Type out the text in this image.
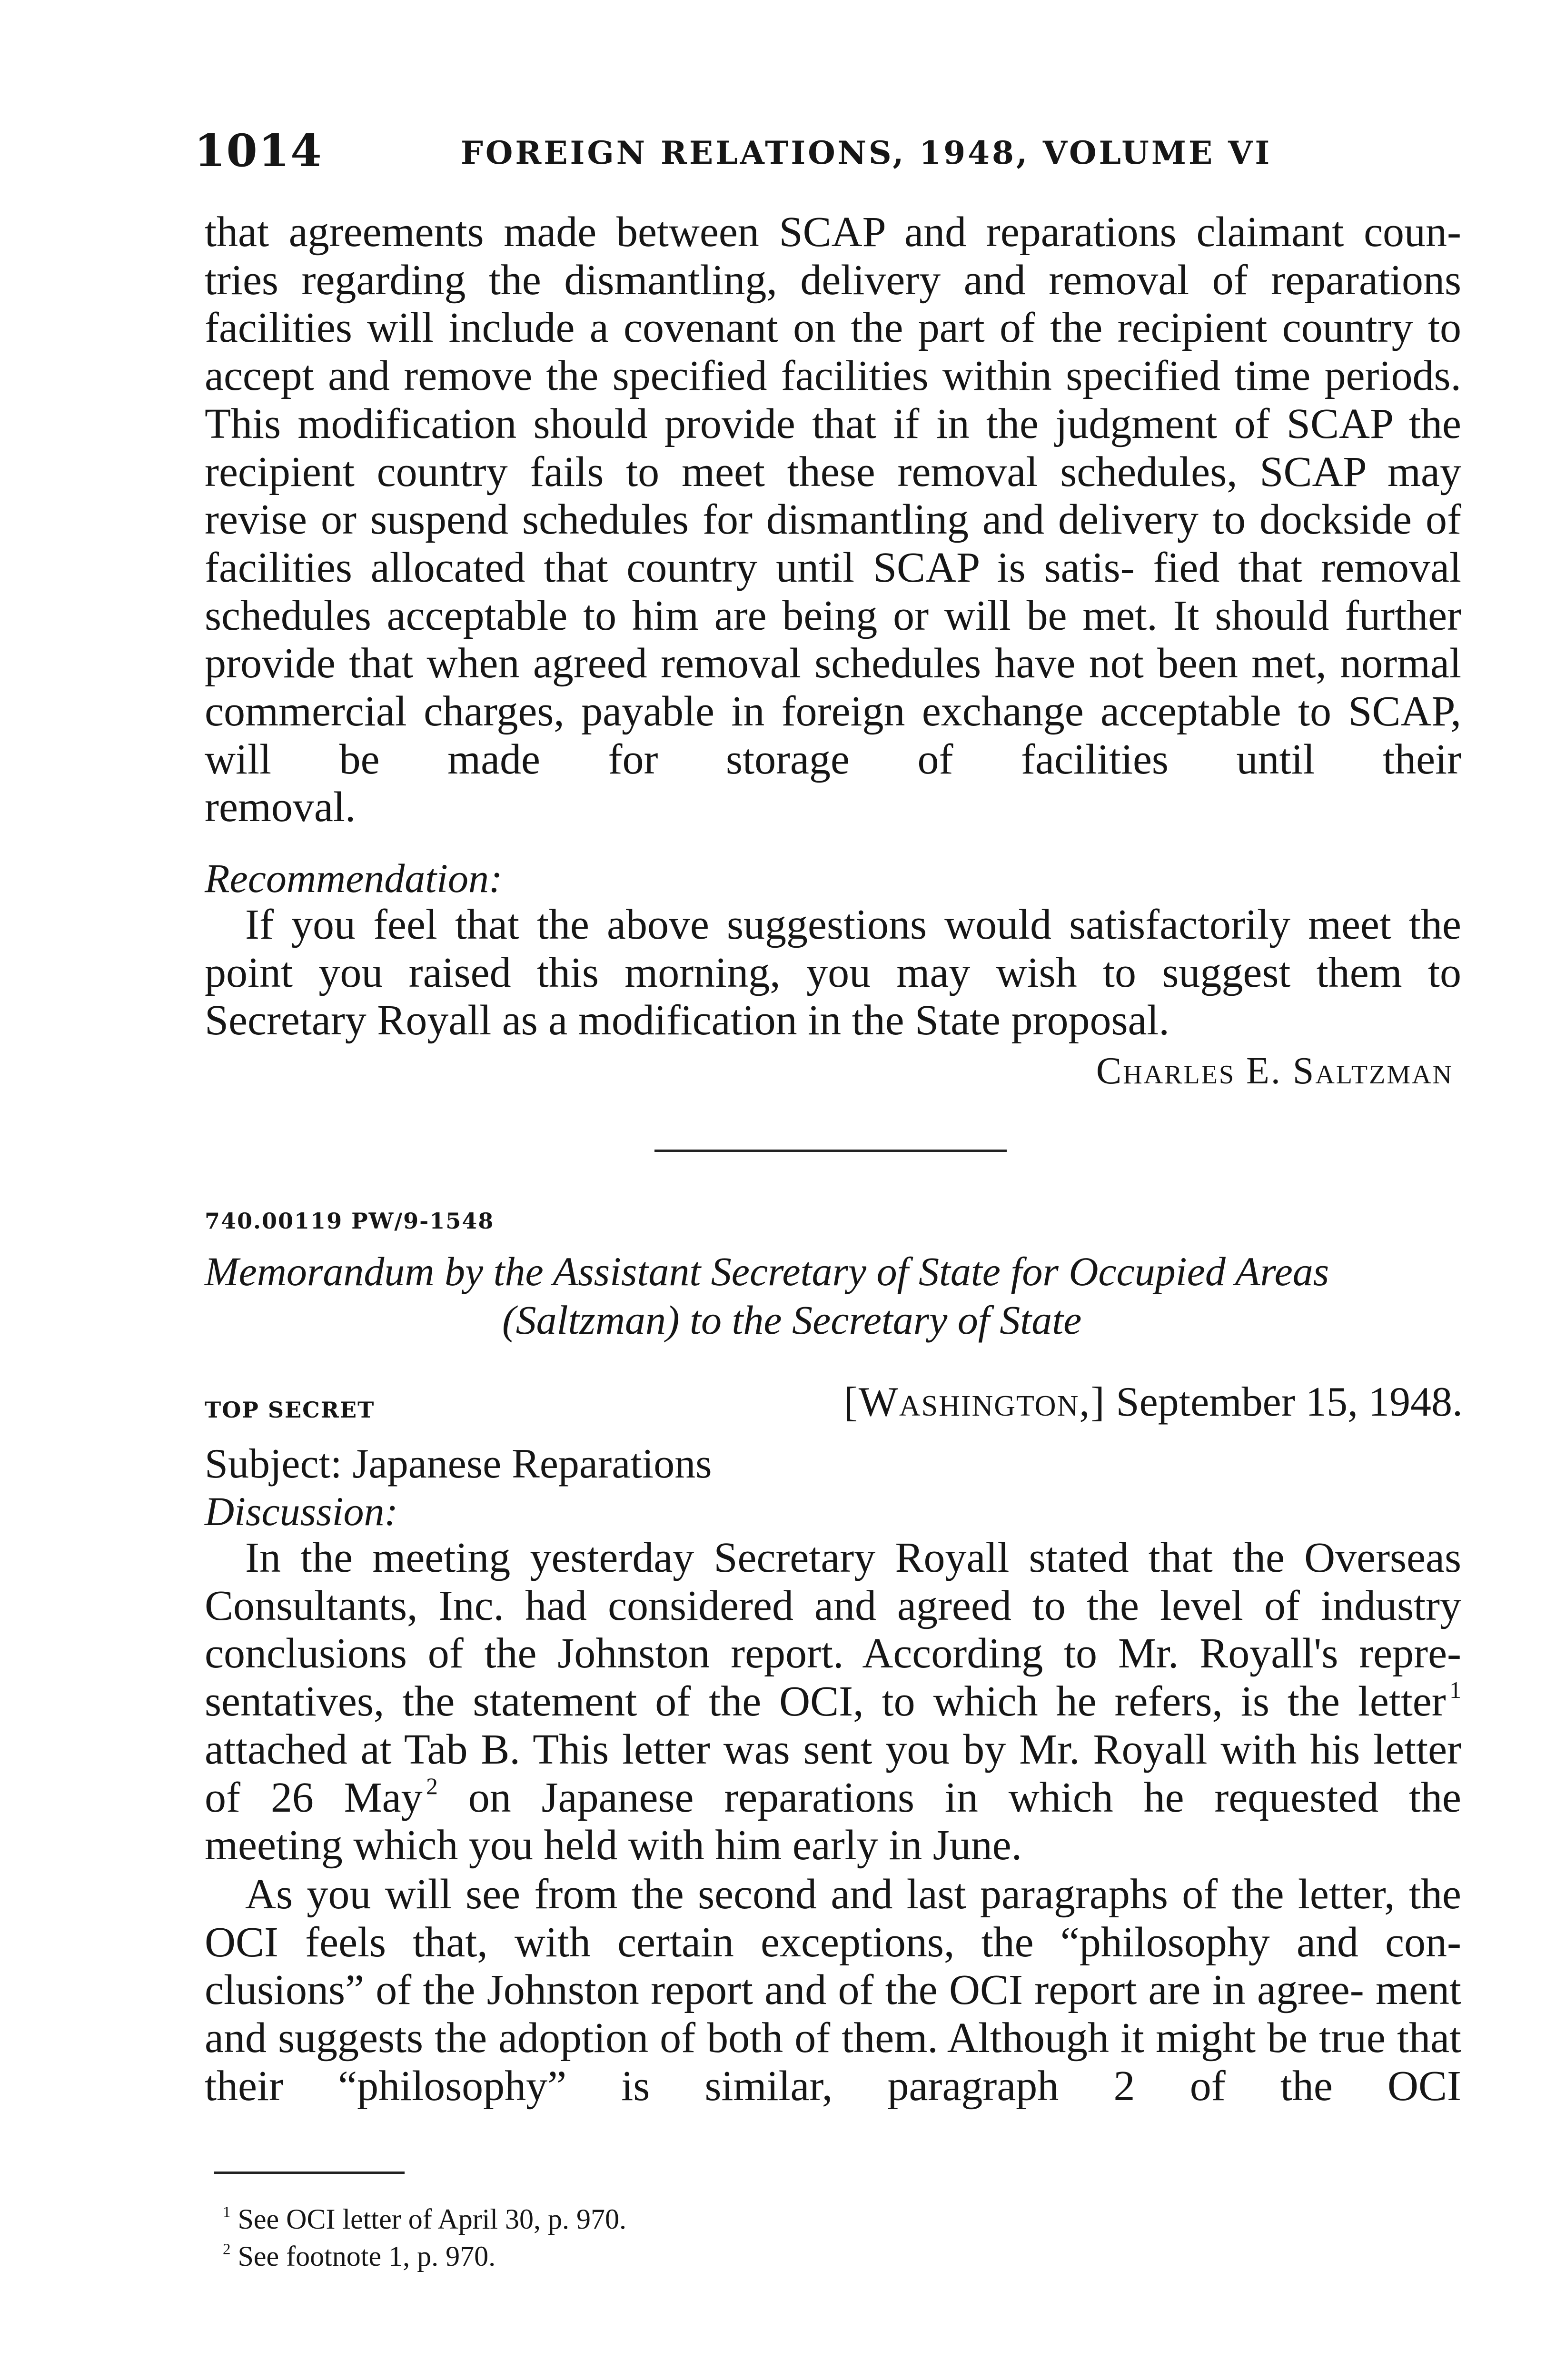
1014	FOREIGN RELATIONS, 1948, VOLUME VI

that agreements made between SCAP and reparations claimant coun- tries regarding the dismantling, delivery and removal of reparations facilities will include a covenant on the part of the recipient country to accept and remove the specified facilities within specified time periods. This modification should provide that if in the judgment of SCAP the recipient country fails to meet these removal schedules, SCAP may revise or suspend schedules for dismantling and delivery to dockside of facilities allocated that country until SCAP is satis- fied that removal schedules acceptable to him are being or will be met. It should further provide that when agreed removal schedules have not been met, normal commercial charges, payable in foreign exchange acceptable to SCAP, will be made for storage of facilities until their
removal.

Recommendation:

If you feel that the above suggestions would satisfactorily meet the point you raised this morning, you may wish to suggest them to
Secretary Royall as a modification in the State proposal.

Charles E. Saltzman
740.00119 PW/9-1548

Memorandum by the Assistant Secretary of State for Occupied Areas
(Saltzman) to the Secretary of State

TOP SECRET	[Washington,] September 15, 1948.
Subject: Japanese Reparations

Discussion:

In the meeting yesterday Secretary Royall stated that the Overseas Consultants, Inc. had considered and agreed to the level of industry conclusions of the Johnston report. According to Mr. Royall's repre- sentatives, the statement of the OCI, to which he refers, is the letter  $^1$ attached at Tab B. This letter was sent you by Mr. Royall with his letter of 26 May  $^2$ on Japanese reparations in which he requested the
meeting which you held with him early in June.

As you will see from the second and last paragraphs of the letter, the OCI feels that, with certain exceptions, the “philosophy and con- clusions” of the Johnston report and of the OCI report are in agree- ment and suggests the adoption of both of them. Although it might be true that their “philosophy” is similar, paragraph 2 of the OCI

$^1$ See OCI letter of April 30, p. 970.
$^2$ See footnote 1, p. 970.
